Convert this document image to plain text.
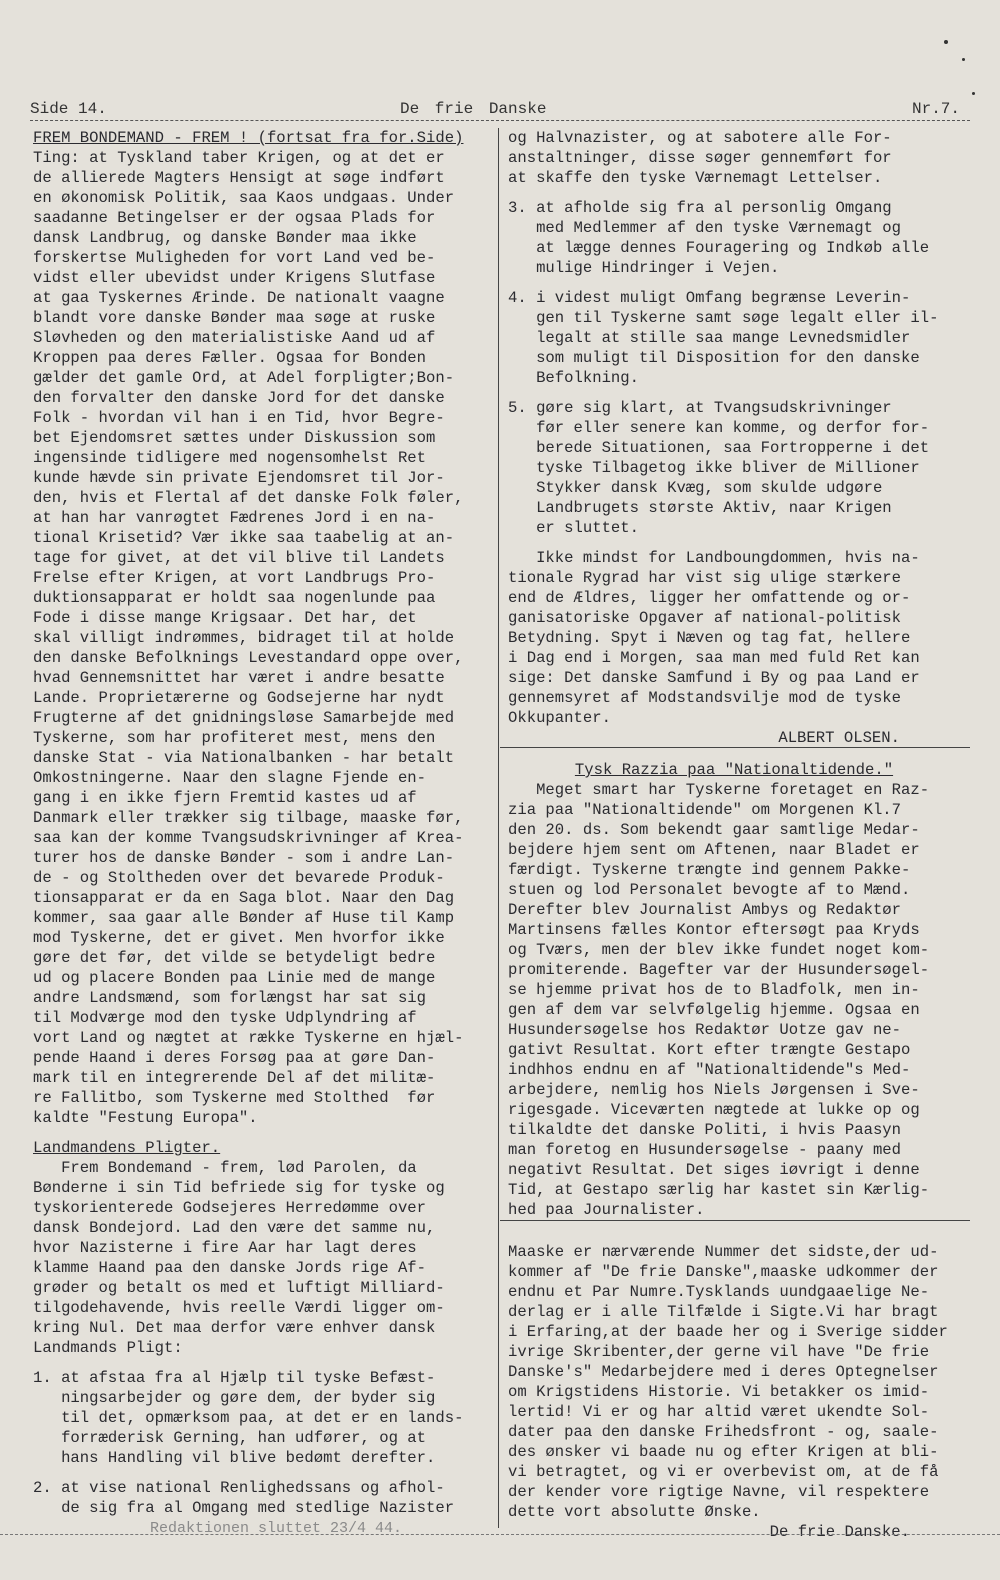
Side 14.	De frie Danske	Nr.7.
FREM BONDEMAND - FREM ! (fortsat fra for.Side)
Ting: at Tyskland taber Krigen, og at det er
de allierede Magters Hensigt at søge indført
en økonomisk Politik, saa Kaos undgaas. Under
saadanne Betingelser er der ogsaa Plads for
dansk Landbrug, og danske Bønder maa ikke
forskertse Muligheden for vort Land ved be-
vidst eller ubevidst under Krigens Slutfase
at gaa Tyskernes Ærinde. De nationalt vaagne
blandt vore danske Bønder maa søge at ruske
Sløvheden og den materialistiske Aand ud af
Kroppen paa deres Fæller. Ogsaa for Bonden
gælder det gamle Ord, at Adel forpligter;Bon-
den forvalter den danske Jord for det danske
Folk - hvordan vil han i en Tid, hvor Begre-
bet Ejendomsret sættes under Diskussion som
ingensinde tidligere med nogensomhelst Ret
kunde hævde sin private Ejendomsret til Jor-
den, hvis et Flertal af det danske Folk føler,
at han har vanrøgtet Fædrenes Jord i en na-
tional Krisetid? Vær ikke saa taabelig at an-
tage for givet, at det vil blive til Landets
Frelse efter Krigen, at vort Landbrugs Pro-
duktionsapparat er holdt saa nogenlunde paa
Fode i disse mange Krigsaar. Det har, det
skal villigt indrømmes, bidraget til at holde
den danske Befolknings Levestandard oppe over,
hvad Gennemsnittet har været i andre besatte
Lande. Proprietærerne og Godsejerne har nydt
Frugterne af det gnidningsløse Samarbejde med
Tyskerne, som har profiteret mest, mens den
danske Stat - via Nationalbanken - har betalt
Omkostningerne. Naar den slagne Fjende en-
gang i en ikke fjern Fremtid kastes ud af
Danmark eller trækker sig tilbage, maaske før,
saa kan der komme Tvangsudskrivninger af Krea-
turer hos de danske Bønder - som i andre Lan-
de - og Stoltheden over det bevarede Produk-
tionsapparat er da en Saga blot. Naar den Dag
kommer, saa gaar alle Bønder af Huse til Kamp
mod Tyskerne, det er givet. Men hvorfor ikke
gøre det før, det vilde se betydeligt bedre
ud og placere Bonden paa Linie med de mange
andre Landsmænd, som forlængst har sat sig
til Modværge mod den tyske Udplyndring af
vort Land og nægtet at række Tyskerne en hjæl-
pende Haand i deres Forsøg paa at gøre Dan-
mark til en integrerende Del af det militæ-
re Fallitbo, som Tyskerne med Stolthed  før
kaldte "Festung Europa".
Landmandens Pligter.
Frem Bondemand - frem, lød Parolen, da
Bønderne i sin Tid befriede sig for tyske og
tyskorienterede Godsejeres Herredømme over
dansk Bondejord. Lad den være det samme nu,
hvor Nazisterne i fire Aar har lagt deres
klamme Haand paa den danske Jords rige Af-
grøder og betalt os med et luftigt Milliard-
tilgodehavende, hvis reelle Værdi ligger om-
kring Nul. Det maa derfor være enhver dansk
Landmands Pligt:
1. at afstaa fra al Hjælp til tyske Befæst-
ningsarbejder og gøre dem, der byder sig
til det, opmærksom paa, at det er en lands-
forræderisk Gerning, han udfører, og at
hans Handling vil blive bedømt derefter.
2. at vise national Renlighedssans og afhol-
de sig fra al Omgang med stedlige Nazister
og Halvnazister, og at sabotere alle For-
anstaltninger, disse søger gennemført for
at skaffe den tyske Værnemagt Lettelser.
3. at afholde sig fra al personlig Omgang
med Medlemmer af den tyske Værnemagt og
at lægge dennes Fouragering og Indkøb alle
mulige Hindringer i Vejen.
4. i videst muligt Omfang begrænse Leverin-
gen til Tyskerne samt søge legalt eller il-
legalt at stille saa mange Levnedsmidler
som muligt til Disposition for den danske
Befolkning.
5. gøre sig klart, at Tvangsudskrivninger
før eller senere kan komme, og derfor for-
berede Situationen, saa Fortropperne i det
tyske Tilbagetog ikke bliver de Millioner
Stykker dansk Kvæg, som skulde udgøre
Landbrugets største Aktiv, naar Krigen
er sluttet.
Ikke mindst for Landboungdommen, hvis na-
tionale Rygrad har vist sig ulige stærkere
end de Ældres, ligger her omfattende og or-
ganisatoriske Opgaver af national-politisk
Betydning. Spyt i Næven og tag fat, hellere
i Dag end i Morgen, saa man med fuld Ret kan
sige: Det danske Samfund i By og paa Land er
gennemsyret af Modstandsvilje mod de tyske
Okkupanter.
ALBERT OLSEN.
Tysk Razzia paa "Nationaltidende."
Meget smart har Tyskerne foretaget en Raz-
zia paa "Nationaltidende" om Morgenen Kl.7
den 20. ds. Som bekendt gaar samtlige Medar-
bejdere hjem sent om Aftenen, naar Bladet er
færdigt. Tyskerne trængte ind gennem Pakke-
stuen og lod Personalet bevogte af to Mænd.
Derefter blev Journalist Ambys og Redaktør
Martinsens fælles Kontor eftersøgt paa Kryds
og Tværs, men der blev ikke fundet noget kom-
promiterende. Bagefter var der Husundersøgel-
se hjemme privat hos de to Bladfolk, men in-
gen af dem var selvfølgelig hjemme. Ogsaa en
Husundersøgelse hos Redaktør Uotze gav ne-
gativt Resultat. Kort efter trængte Gestapo
indhhos endnu en af "Nationaltidende"s Med-
arbejdere, nemlig hos Niels Jørgensen i Sve-
rigesgade. Viceværten nægtede at lukke op og
tilkaldte det danske Politi, i hvis Paasyn
man foretog en Husundersøgelse - paany med
negativt Resultat. Det siges iøvrigt i denne
Tid, at Gestapo særlig har kastet sin Kærlig-
hed paa Journalister.
Maaske er nærværende Nummer det sidste,der ud-
kommer af "De frie Danske",maaske udkommer der
endnu et Par Numre.Tysklands uundgaaelige Ne-
derlag er i alle Tilfælde i Sigte.Vi har bragt
i Erfaring,at der baade her og i Sverige sidder
ivrige Skribenter,der gerne vil have "De frie
Danske's" Medarbejdere med i deres Optegnelser
om Krigstidens Historie. Vi betakker os imid-
lertid! Vi er og har altid været ukendte Sol-
dater paa den danske Frihedsfront - og, saale-
des ønsker vi baade nu og efter Krigen at bli-
vi betragtet, og vi er overbevist om, at de få
der kender vore rigtige Navne, vil respektere
dette vort absolutte Ønske.
De frie Danske.
Redaktionen sluttet 23/4 44.
